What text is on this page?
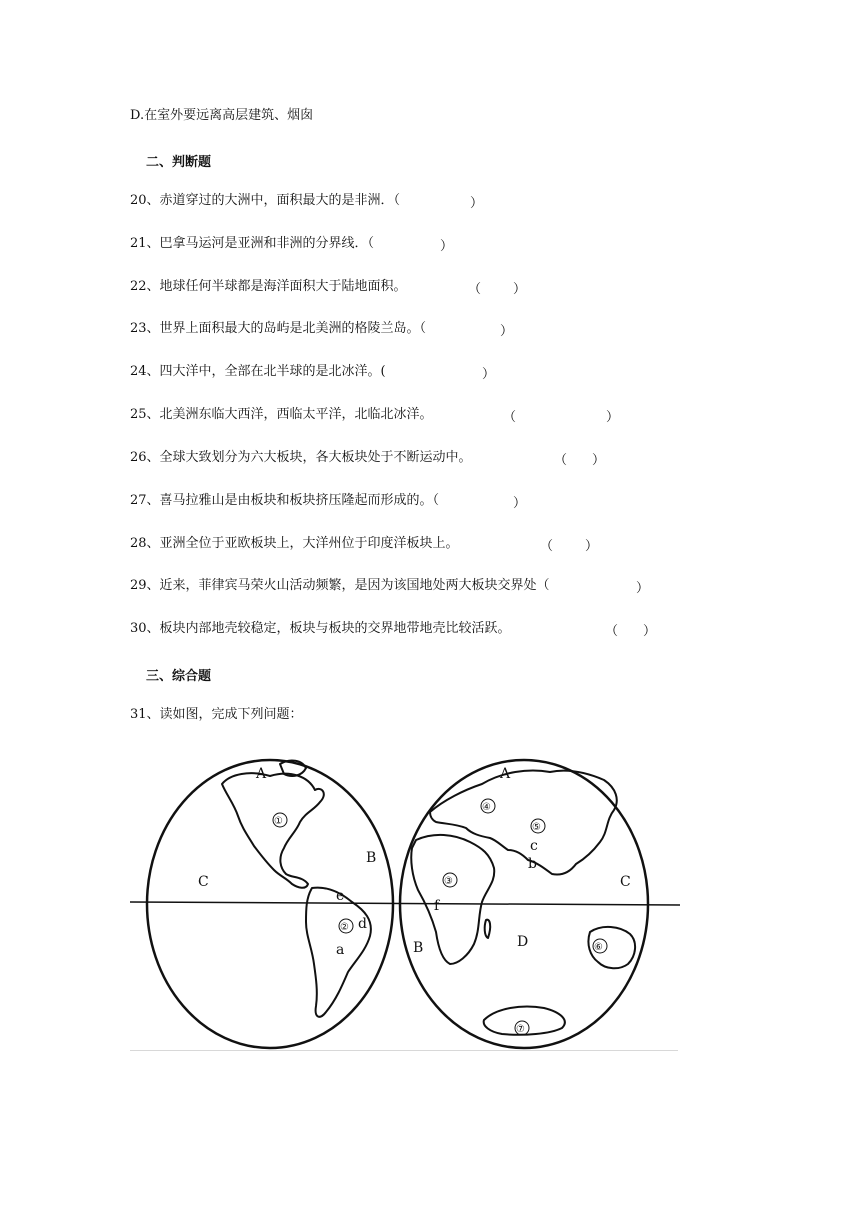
D.在室外要远离高层建筑、烟囱
二、判断题
20、赤道穿过的大洲中，面积最大的是非洲．（	）
21、巴拿马运河是亚洲和非洲的分界线．（	）
22、地球任何半球都是海洋面积大于陆地面积。	（ ）
23、世界上面积最大的岛屿是北美洲的格陵兰岛。（	）
24、四大洋中，全部在北半球的是北冰洋。(	）
25、北美洲东临大西洋，西临太平洋，北临北冰洋。	（	）
26、全球大致划分为六大板块，各大板块处于不断运动中。	（ ）
27、喜马拉雅山是由板块和板块挤压隆起而形成的。（	）
28、亚洲全位于亚欧板块上，大洋州位于印度洋板块上。	（ ）
29、近来，菲律宾马荣火山活动频繁，是因为该国地处两大板块交界处（	）
30、板块内部地壳较稳定，板块与板块的交界地带地壳比较活跃。	（ ）
三、综合题
31、读如图，完成下列问题：
A
B
C
A
C
B	D
a
b
c
d
e
f
①
②
③
④
⑤
⑥
⑦
